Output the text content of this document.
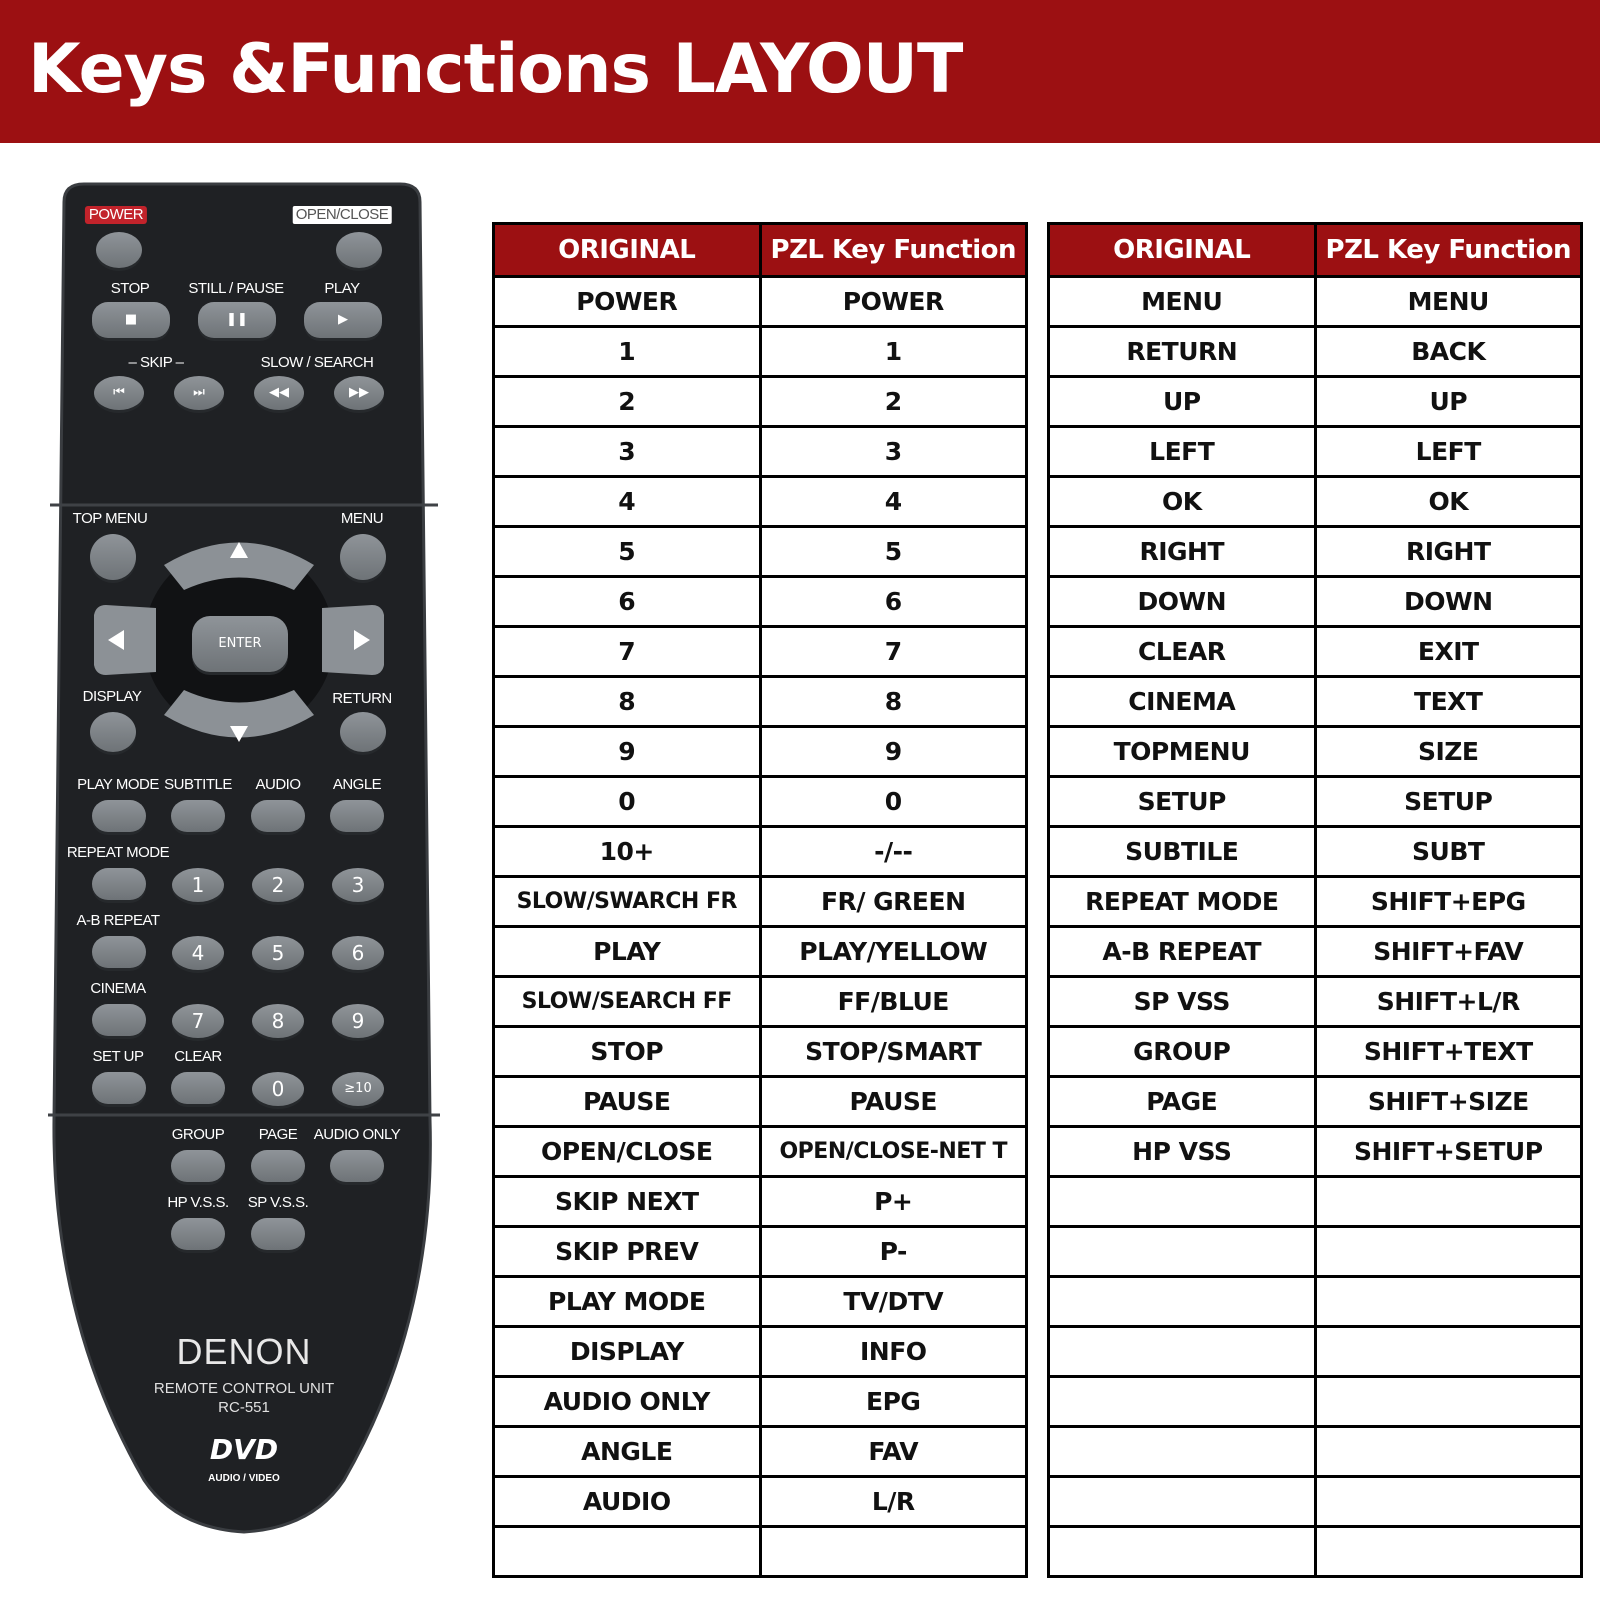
Keys &Functions LAYOUT
POWER	OPEN/CLOSE
STOP	STILL / PAUSE	PLAY
■	❚❚	▶
– SKIP –	SLOW / SEARCH
⏮	⏭	◀◀	▶▶
TOP MENU	MENU
ENTER
DISPLAY	RETURN
PLAY MODE SUBTITLE AUDIO ANGLE
REPEAT MODE
1	2	3
A-B REPEAT
4	5	6
CINEMA
7	8	9
SET UP CLEAR
0	≥10
GROUP PAGE AUDIO ONLY
HP V.S.S. SP V.S.S.
DENON
REMOTE CONTROL UNIT
RC-551
DVD
AUDIO / VIDEO
ORIGINAL	PZL Key Function
POWER	POWER
1	1
2	2
3	3
4	4
5	5
6	6
7	7
8	8
9	9
0	0
10+	-/--
SLOW/SWARCH FR	FR/ GREEN
PLAY	PLAY/YELLOW
SLOW/SEARCH FF	FF/BLUE
STOP	STOP/SMART
PAUSE	PAUSE
OPEN/CLOSE	OPEN/CLOSE-NET T
SKIP NEXT	P+
SKIP PREV	P-
PLAY MODE	TV/DTV
DISPLAY	INFO
AUDIO ONLY	EPG
ANGLE	FAV
AUDIO	L/R

ORIGINAL	PZL Key Function
MENU	MENU
RETURN	BACK
UP	UP
LEFT	LEFT
OK	OK
RIGHT	RIGHT
DOWN	DOWN
CLEAR	EXIT
CINEMA	TEXT
TOPMENU	SIZE
SETUP	SETUP
SUBTILE	SUBT
REPEAT MODE	SHIFT+EPG
A-B REPEAT	SHIFT+FAV
SP VSS	SHIFT+L/R
GROUP	SHIFT+TEXT
PAGE	SHIFT+SIZE
HP VSS	SHIFT+SETUP
